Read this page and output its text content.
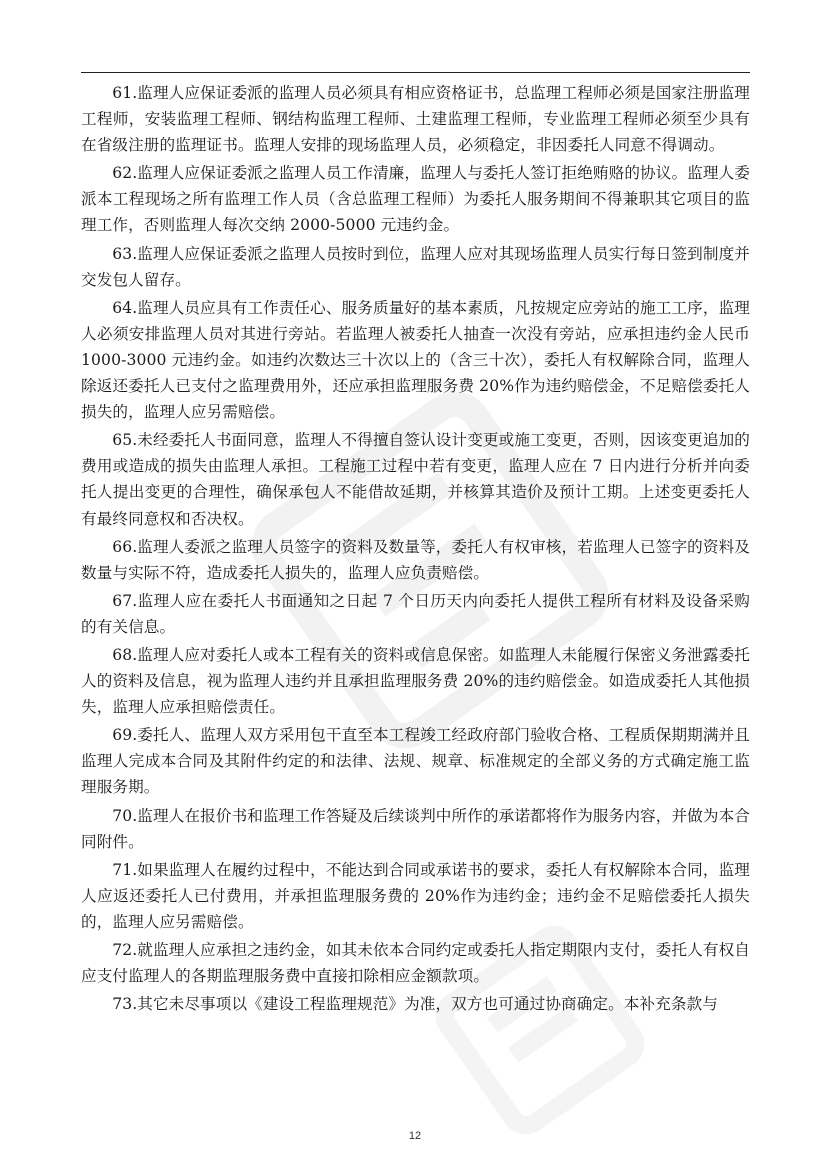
61.监理人应保证委派的监理人员必须具有相应资格证书，总监理工程师必须是国家注册监理工程师，安装监理工程师、钢结构监理工程师、土建监理工程师，专业监理工程师必须至少具有在省级注册的监理证书。监理人安排的现场监理人员，必须稳定，非因委托人同意不得调动。

62.监理人应保证委派之监理人员工作清廉，监理人与委托人签订拒绝贿赂的协议。监理人委派本工程现场之所有监理工作人员（含总监理工程师）为委托人服务期间不得兼职其它项目的监理工作，否则监理人每次交纳 2000-5000 元违约金。

63.监理人应保证委派之监理人员按时到位，监理人应对其现场监理人员实行每日签到制度并交发包人留存。

64.监理人员应具有工作责任心、服务质量好的基本素质，凡按规定应旁站的施工工序，监理人必须安排监理人员对其进行旁站。若监理人被委托人抽查一次没有旁站，应承担违约金人民币 1000-3000 元违约金。如违约次数达三十次以上的（含三十次），委托人有权解除合同，监理人除返还委托人已支付之监理费用外，还应承担监理服务费 20%作为违约赔偿金，不足赔偿委托人损失的，监理人应另需赔偿。

65.未经委托人书面同意，监理人不得擅自签认设计变更或施工变更，否则，因该变更追加的费用或造成的损失由监理人承担。工程施工过程中若有变更，监理人应在 7 日内进行分析并向委托人提出变更的合理性，确保承包人不能借故延期，并核算其造价及预计工期。上述变更委托人有最终同意权和否决权。

66.监理人委派之监理人员签字的资料及数量等，委托人有权审核，若监理人已签字的资料及数量与实际不符，造成委托人损失的，监理人应负责赔偿。

67.监理人应在委托人书面通知之日起 7 个日历天内向委托人提供工程所有材料及设备采购的有关信息。

68.监理人应对委托人或本工程有关的资料或信息保密。如监理人未能履行保密义务泄露委托人的资料及信息，视为监理人违约并且承担监理服务费 20%的违约赔偿金。如造成委托人其他损失，监理人应承担赔偿责任。

69.委托人、监理人双方采用包干直至本工程竣工经政府部门验收合格、工程质保期期满并且监理人完成本合同及其附件约定的和法律、法规、规章、标准规定的全部义务的方式确定施工监理服务期。

70.监理人在报价书和监理工作答疑及后续谈判中所作的承诺都将作为服务内容，并做为本合同附件。

71.如果监理人在履约过程中，不能达到合同或承诺书的要求，委托人有权解除本合同，监理人应返还委托人已付费用，并承担监理服务费的 20%作为违约金；违约金不足赔偿委托人损失的，监理人应另需赔偿。

72.就监理人应承担之违约金，如其未依本合同约定或委托人指定期限内支付，委托人有权自应支付监理人的各期监理服务费中直接扣除相应金额款项。

73.其它未尽事项以《建设工程监理规范》为准，双方也可通过协商确定。本补充条款与

12
